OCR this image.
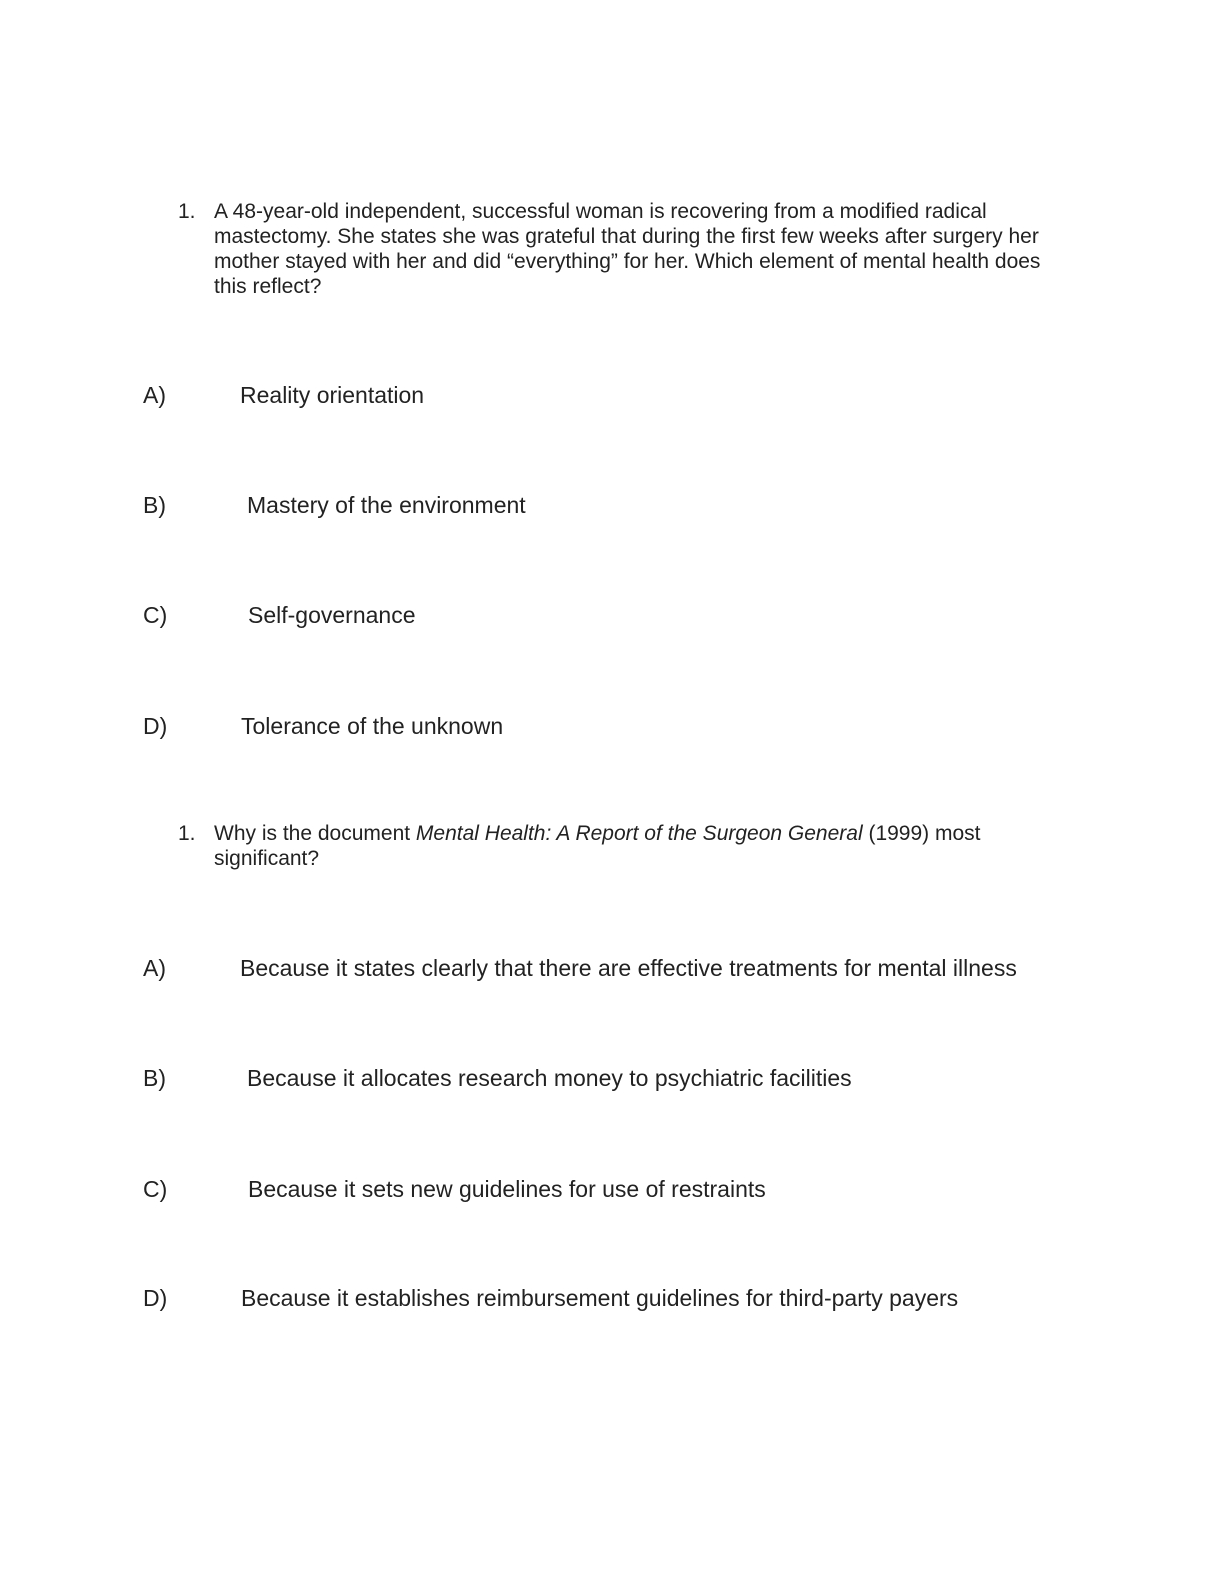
1. A 48-year-old independent, successful woman is recovering from a modified radical mastectomy. She states she was grateful that during the first few weeks after surgery her mother stayed with her and did “everything” for her. Which element of mental health does this reflect?
A)	Reality orientation
B)	Mastery of the environment
C)	Self-governance
D)	Tolerance of the unknown
1. Why is the document Mental Health: A Report of the Surgeon General (1999) most significant?
A)	Because it states clearly that there are effective treatments for mental illness
B)	Because it allocates research money to psychiatric facilities
C)	Because it sets new guidelines for use of restraints
D)	Because it establishes reimbursement guidelines for third-party payers
